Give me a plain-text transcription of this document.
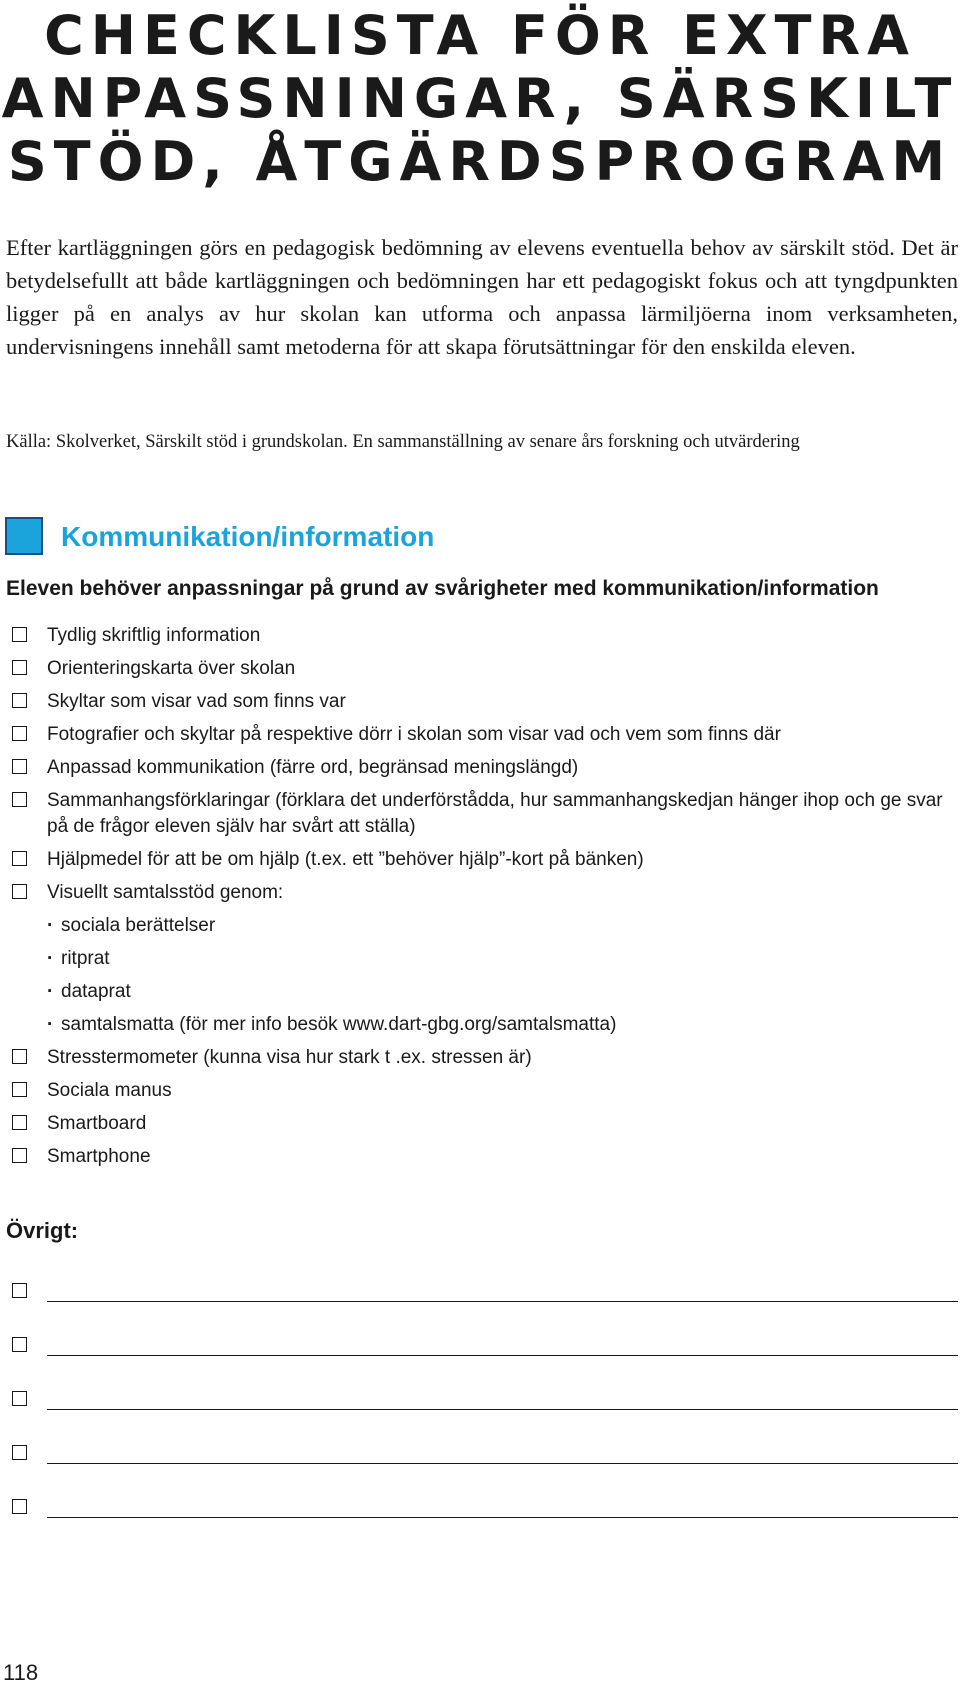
CHECKLISTA FÖR EXTRA
ANPASSNINGAR, SÄRSKILT
STÖD, ÅTGÄRDSPROGRAM

Efter kartläggningen görs en pedagogisk bedömning av elevens eventuella behov av särskilt stöd. Det är betydelsefullt att både kartläggningen och bedömningen har ett pedagogiskt fokus och att tyngdpunkten ligger på en analys av hur skolan kan utforma och anpassa lärmiljöerna inom verksamheten, undervisningens innehåll samt metoderna för att skapa förutsättningar för den enskilda eleven.

Källa: Skolverket, Särskilt stöd i grundskolan. En sammanställning av senare års forskning och utvärdering

Kommunikation/information
Eleven behöver anpassningar på grund av svårigheter med kommunikation/information
Tydlig skriftlig information
Orienteringskarta över skolan
Skyltar som visar vad som finns var
Fotografier och skyltar på respektive dörr i skolan som visar vad och vem som finns där
Anpassad kommunikation (färre ord, begränsad meningslängd)
Sammanhangsförklaringar (förklara det underförstådda, hur sammanhangskedjan hänger ihop och ge svar på de frågor eleven själv har svårt att ställa)
Hjälpmedel för att be om hjälp (t.ex. ett ”behöver hjälp”-kort på bänken)
Visuellt samtalsstöd genom:
· sociala berättelser
· ritprat
· dataprat
· samtalsmatta (för mer info besök www.dart-gbg.org/samtalsmatta)
Stresstermometer (kunna visa hur stark t .ex. stressen är)
Sociala manus
Smartboard
Smartphone
Övrigt:

118
